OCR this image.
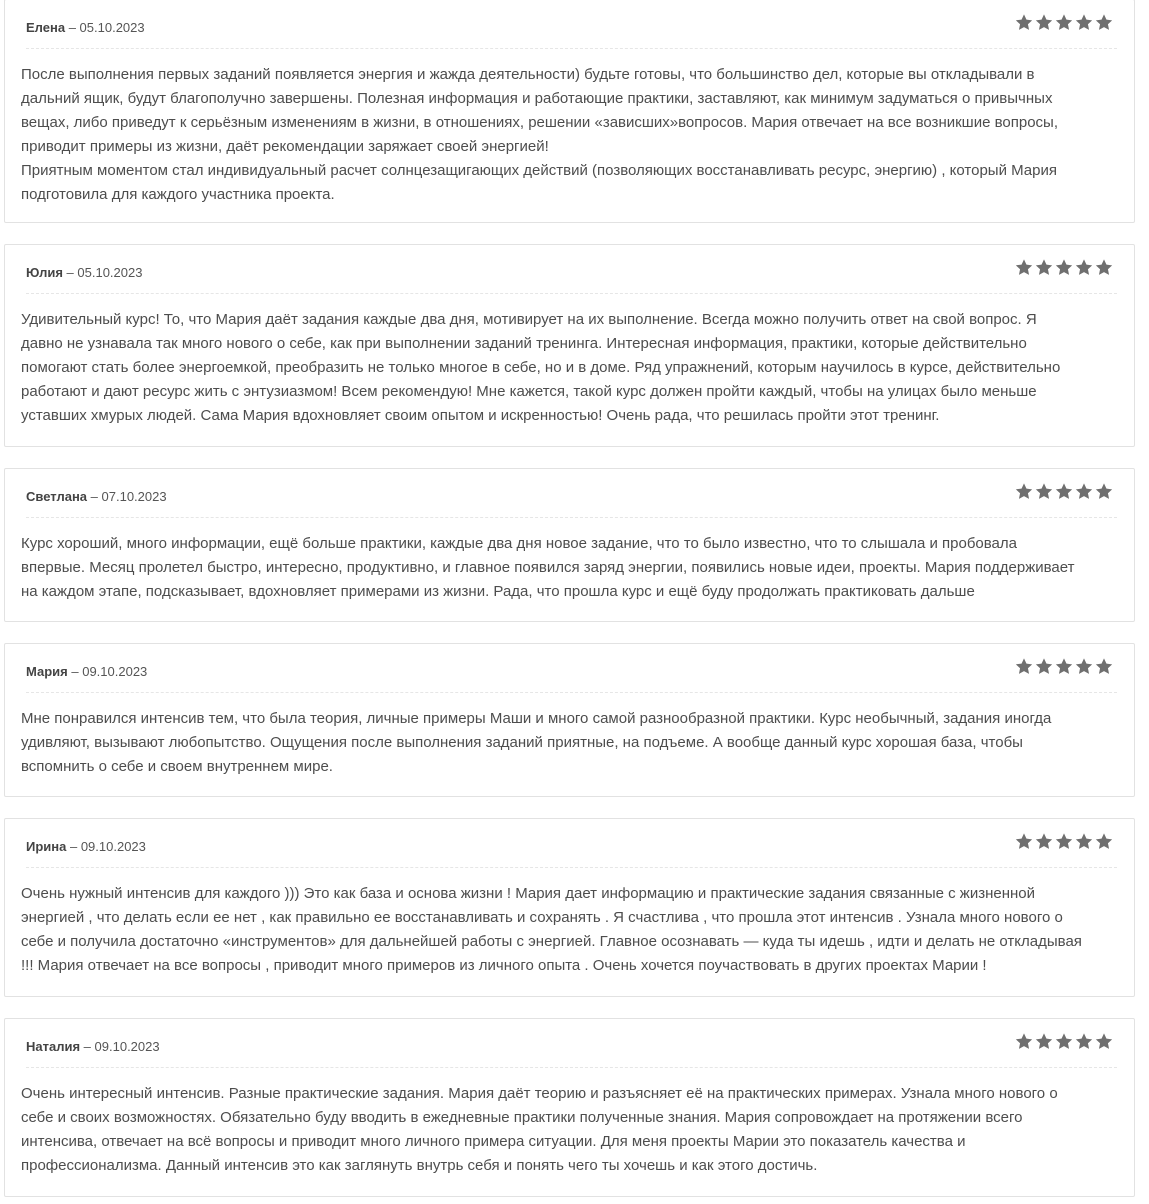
Елена – 05.10.2023

После выполнения первых заданий появляется энергия и жажда деятельности) будьте готовы, что большинство дел, которые вы откладывали в

дальний ящик, будут благополучно завершены. Полезная информация и работающие практики, заставляют, как минимум задуматься о привычных

вещах, либо приведут к серьёзным изменениям в жизни, в отношениях, решении «зависших»вопросов. Мария отвечает на все возникшие вопросы,

приводит примеры из жизни, даёт рекомендации заряжает своей энергией!

Приятным моментом стал индивидуальный расчет солнцезащигающих действий (позволяющих восстанавливать ресурс, энергию) , который Мария

подготовила для каждого участника проекта.

Юлия – 05.10.2023

Удивительный курс! То, что Мария даёт задания каждые два дня, мотивирует на их выполнение. Всегда можно получить ответ на свой вопрос. Я

давно не узнавала так много нового о себе, как при выполнении заданий тренинга. Интересная информация, практики, которые действительно

помогают стать более энергоемкой, преобразить не только многое в себе, но и в доме. Ряд упражнений, которым научилось в курсе, действительно

работают и дают ресурс жить с энтузиазмом! Всем рекомендую! Мне кажется, такой курс должен пройти каждый, чтобы на улицах было меньше

уставших хмурых людей. Сама Мария вдохновляет своим опытом и искренностью! Очень рада, что решилась пройти этот тренинг.

Светлана – 07.10.2023

Курс хороший, много информации, ещё больше практики, каждые два дня новое задание, что то было известно, что то слышала и пробовала

впервые. Месяц пролетел быстро, интересно, продуктивно, и главное появился заряд энергии, появились новые идеи, проекты. Мария поддерживает

на каждом этапе, подсказывает, вдохновляет примерами из жизни. Рада, что прошла курс и ещё буду продолжать практиковать дальше

Мария – 09.10.2023

Мне понравился интенсив тем, что была теория, личные примеры Маши и много самой разнообразной практики. Курс необычный, задания иногда

удивляют, вызывают любопытство. Ощущения после выполнения заданий приятные, на подъеме. А вообще данный курс хорошая база, чтобы

вспомнить о себе и своем внутреннем мире.

Ирина – 09.10.2023

Очень нужный интенсив для каждого ))) Это как база и основа жизни ! Мария дает информацию и практические задания связанные с жизненной

энергией , что делать если ее нет , как правильно ее восстанавливать и сохранять . Я счастлива , что прошла этот интенсив . Узнала много нового о

себе и получила достаточно «инструментов» для дальнейшей работы с энергией. Главное осознавать — куда ты идешь , идти и делать не откладывая

!!! Мария отвечает на все вопросы , приводит много примеров из личного опыта . Очень хочется поучаствовать в других проектах Марии !

Наталия – 09.10.2023

Очень интересный интенсив. Разные практические задания. Мария даёт теорию и разъясняет её на практических примерах. Узнала много нового о

себе и своих возможностях. Обязательно буду вводить в ежедневные практики полученные знания. Мария сопровождает на протяжении всего

интенсива, отвечает на всё вопросы и приводит много личного примера ситуации. Для меня проекты Марии это показатель качества и

профессионализма. Данный интенсив это как заглянуть внутрь себя и понять чего ты хочешь и как этого достичь.
